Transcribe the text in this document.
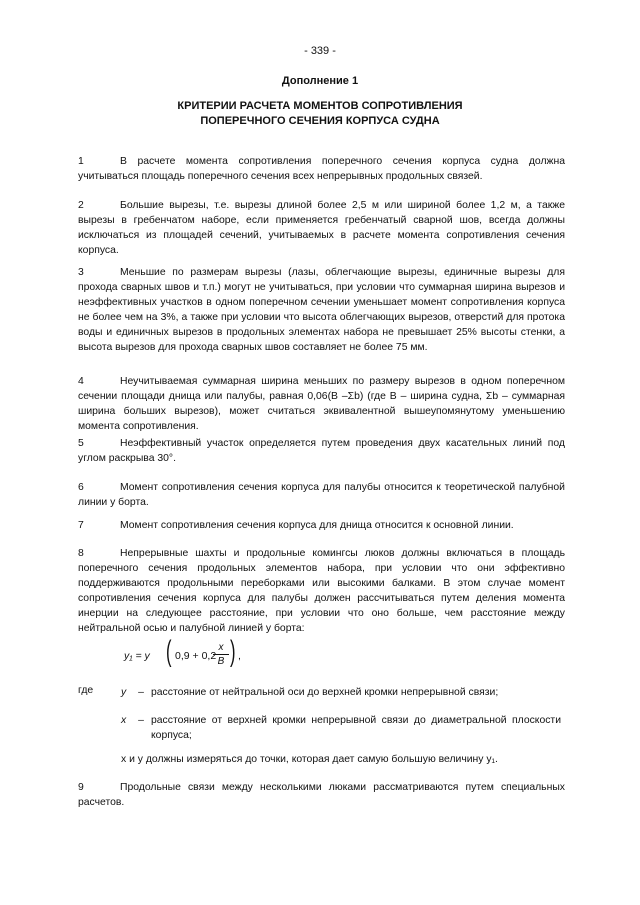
- 339 -
Дополнение 1
КРИТЕРИИ РАСЧЕТА МОМЕНТОВ СОПРОТИВЛЕНИЯ
ПОПЕРЕЧНОГО СЕЧЕНИЯ КОРПУСА СУДНА
1	В расчете момента сопротивления поперечного сечения корпуса судна должна учитываться площадь поперечного сечения всех непрерывных продольных связей.
2	Большие вырезы, т.е. вырезы длиной более 2,5 м или шириной более 1,2 м, а также вырезы в гребенчатом наборе, если применяется гребенчатый сварной шов, всегда должны исключаться из площадей сечений, учитываемых в расчете момента сопротивления сечения корпуса.
3	Меньшие по размерам вырезы (лазы, облегчающие вырезы, единичные вырезы для прохода сварных швов и т.п.) могут не учитываться, при условии что суммарная ширина вырезов и неэффективных участков в одном поперечном сечении уменьшает момент сопротивления корпуса не более чем на 3%, а также при условии что высота облегчающих вырезов, отверстий для протока воды и единичных вырезов в продольных элементах набора не превышает 25% высоты стенки, а высота вырезов для прохода сварных швов составляет не более 75 мм.
4	Неучитываемая суммарная ширина меньших по размеру вырезов в одном поперечном сечении площади днища или палубы, равная 0,06(B –Σb) (где B – ширина судна, Σb – суммарная ширина больших вырезов), может считаться эквивалентной вышеупомянутому уменьшению момента сопротивления.
5	Неэффективный участок определяется путем проведения двух касательных линий под углом раскрыва 30°.
6	Момент сопротивления сечения корпуса для палубы относится к теоретической палубной линии у борта.
7	Момент сопротивления сечения корпуса для днища относится к основной линии.
8	Непрерывные шахты и продольные комингсы люков должны включаться в площадь поперечного сечения продольных элементов набора, при условии что они эффективно поддерживаются продольными переборками или высокими балками. В этом случае момент сопротивления сечения корпуса для палубы должен рассчитываться путем деления момента инерции на следующее расстояние, при условии что оно больше, чем расстояние между нейтральной осью и палубной линией у борта:
y₁ = y ( 0,9 + 0,2
x
B ) ,
где	y – расстояние от нейтральной оси до верхней кромки непрерывной связи;
x – расстояние от верхней кромки непрерывной связи до диаметральной плоскости корпуса;
x и y должны измеряться до точки, которая дает самую большую величину y₁.
9	Продольные связи между несколькими люками рассматриваются путем специальных расчетов.
